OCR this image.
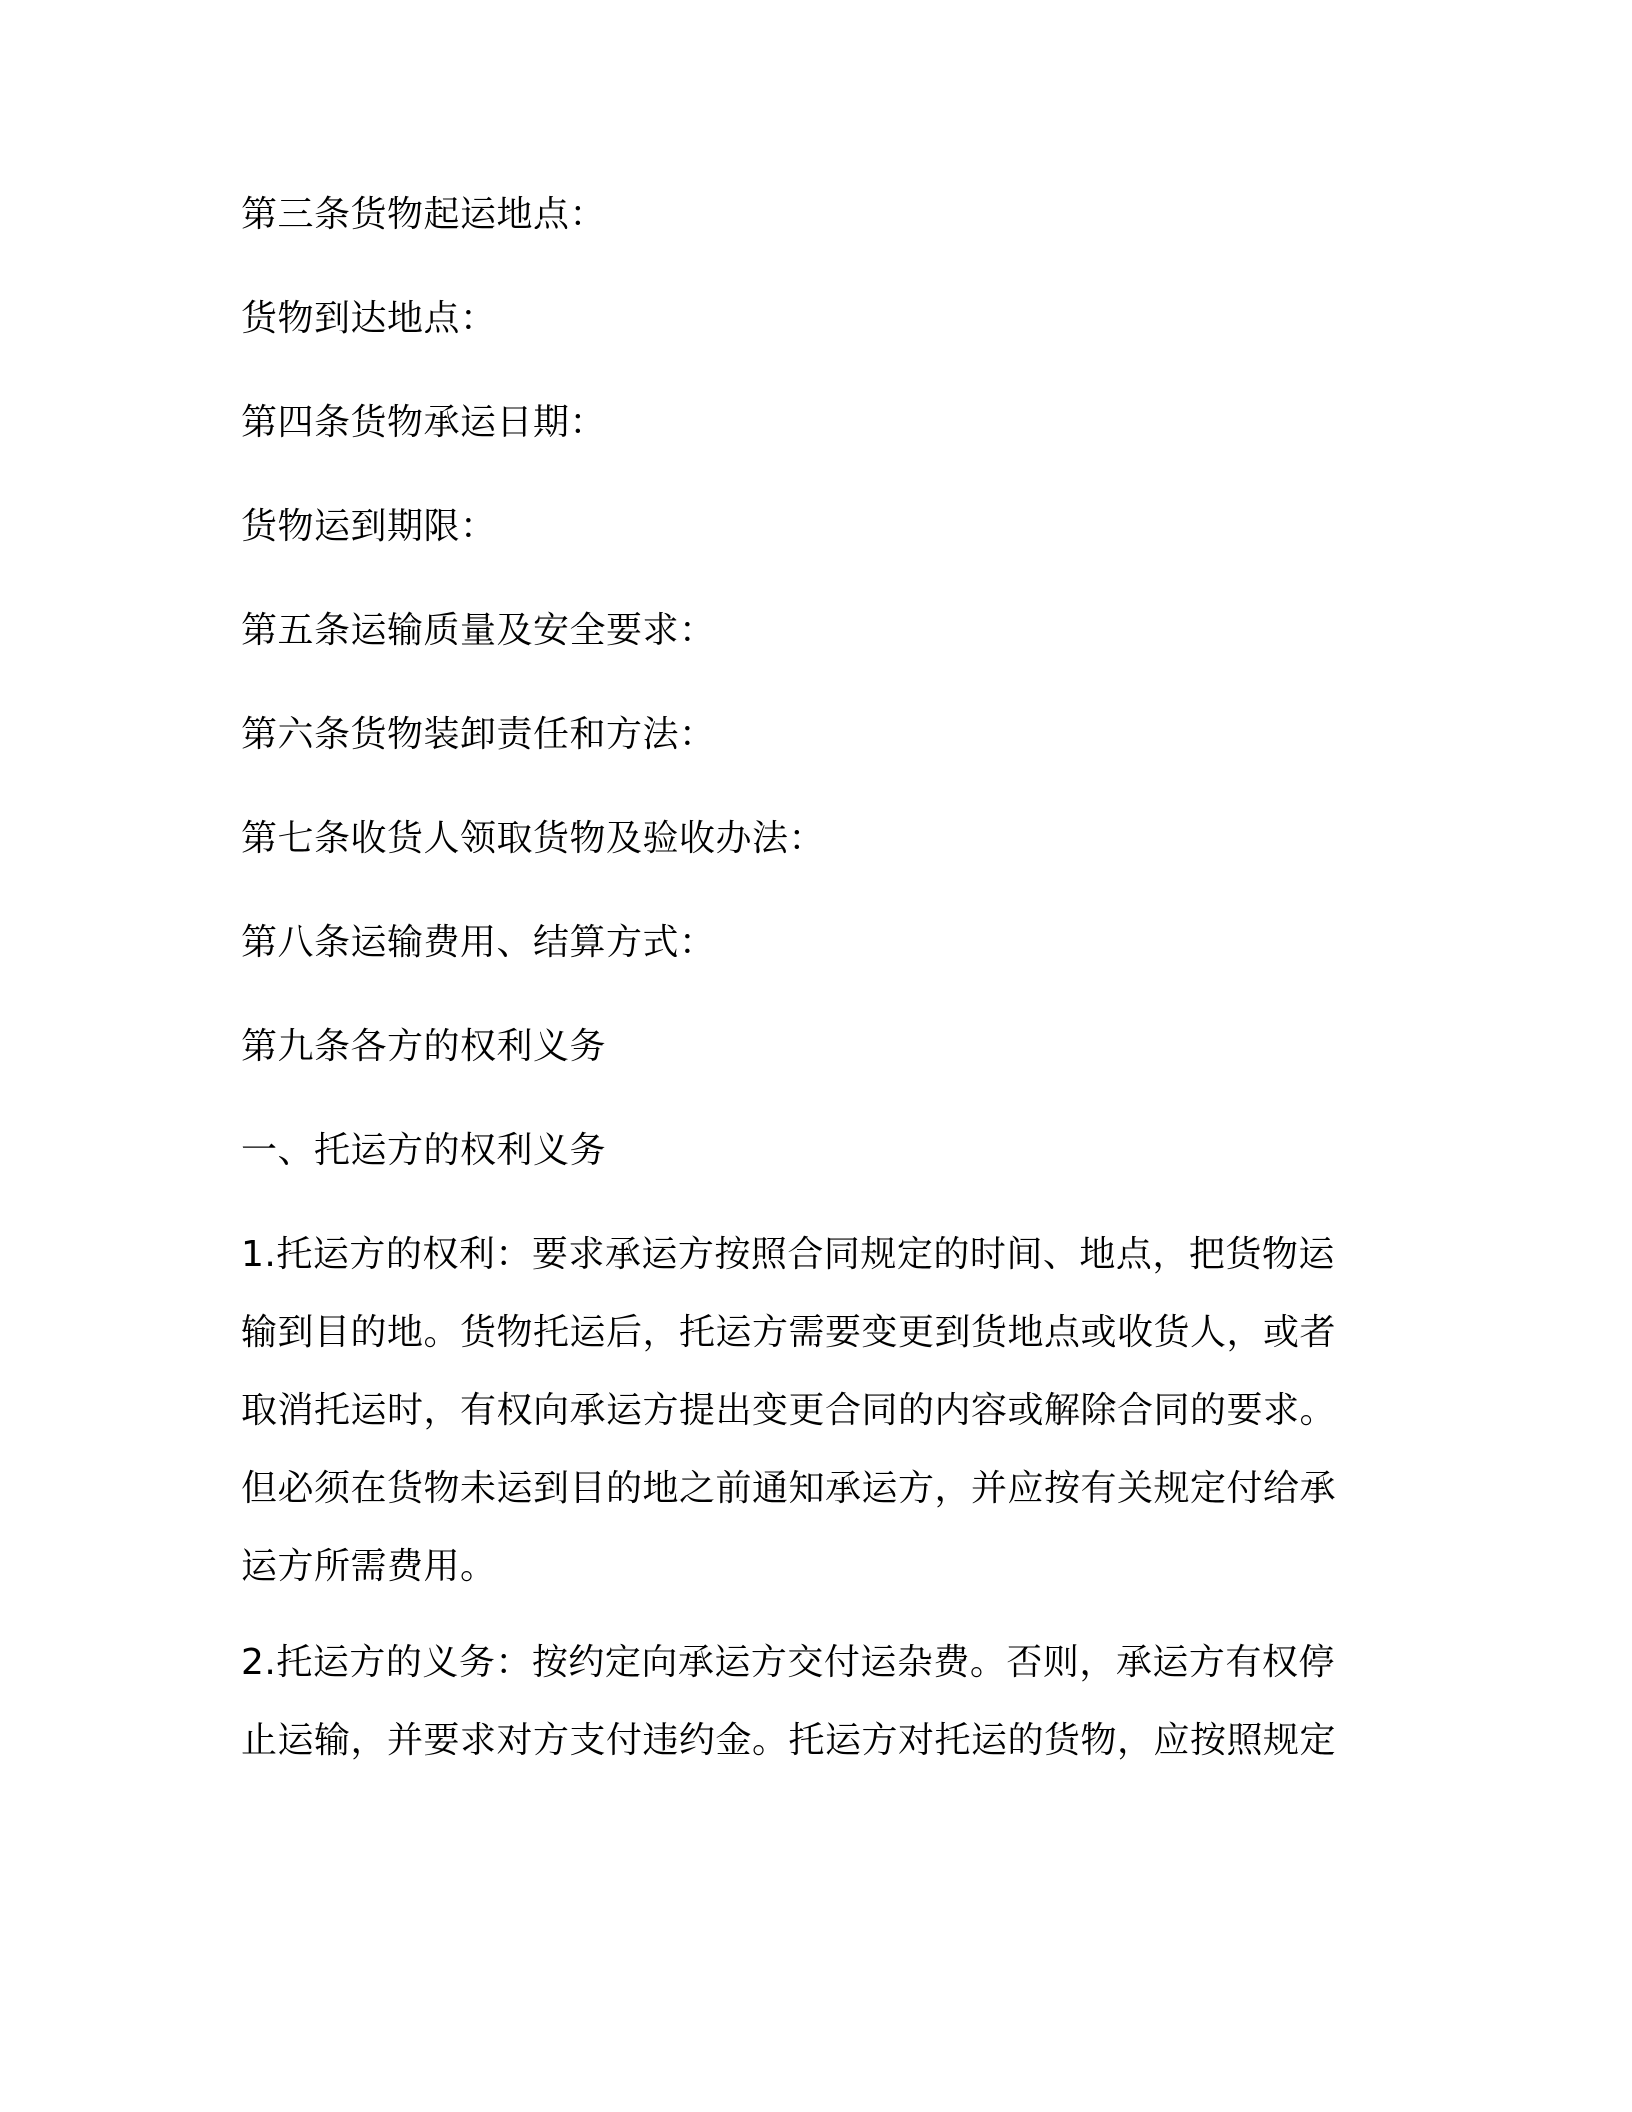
第三条货物起运地点：

货物到达地点：

第四条货物承运日期：

货物运到期限：

第五条运输质量及安全要求：

第六条货物装卸责任和方法：

第七条收货人领取货物及验收办法：

第八条运输费用、结算方式：

第九条各方的权利义务

一、托运方的权利义务

1.托运方的权利：要求承运方按照合同规定的时间、地点，把货物运
输到目的地。货物托运后，托运方需要变更到货地点或收货人，或者
取消托运时，有权向承运方提出变更合同的内容或解除合同的要求。
但必须在货物未运到目的地之前通知承运方，并应按有关规定付给承
运方所需费用。

2.托运方的义务：按约定向承运方交付运杂费。否则，承运方有权停
止运输，并要求对方支付违约金。托运方对托运的货物，应按照规定
